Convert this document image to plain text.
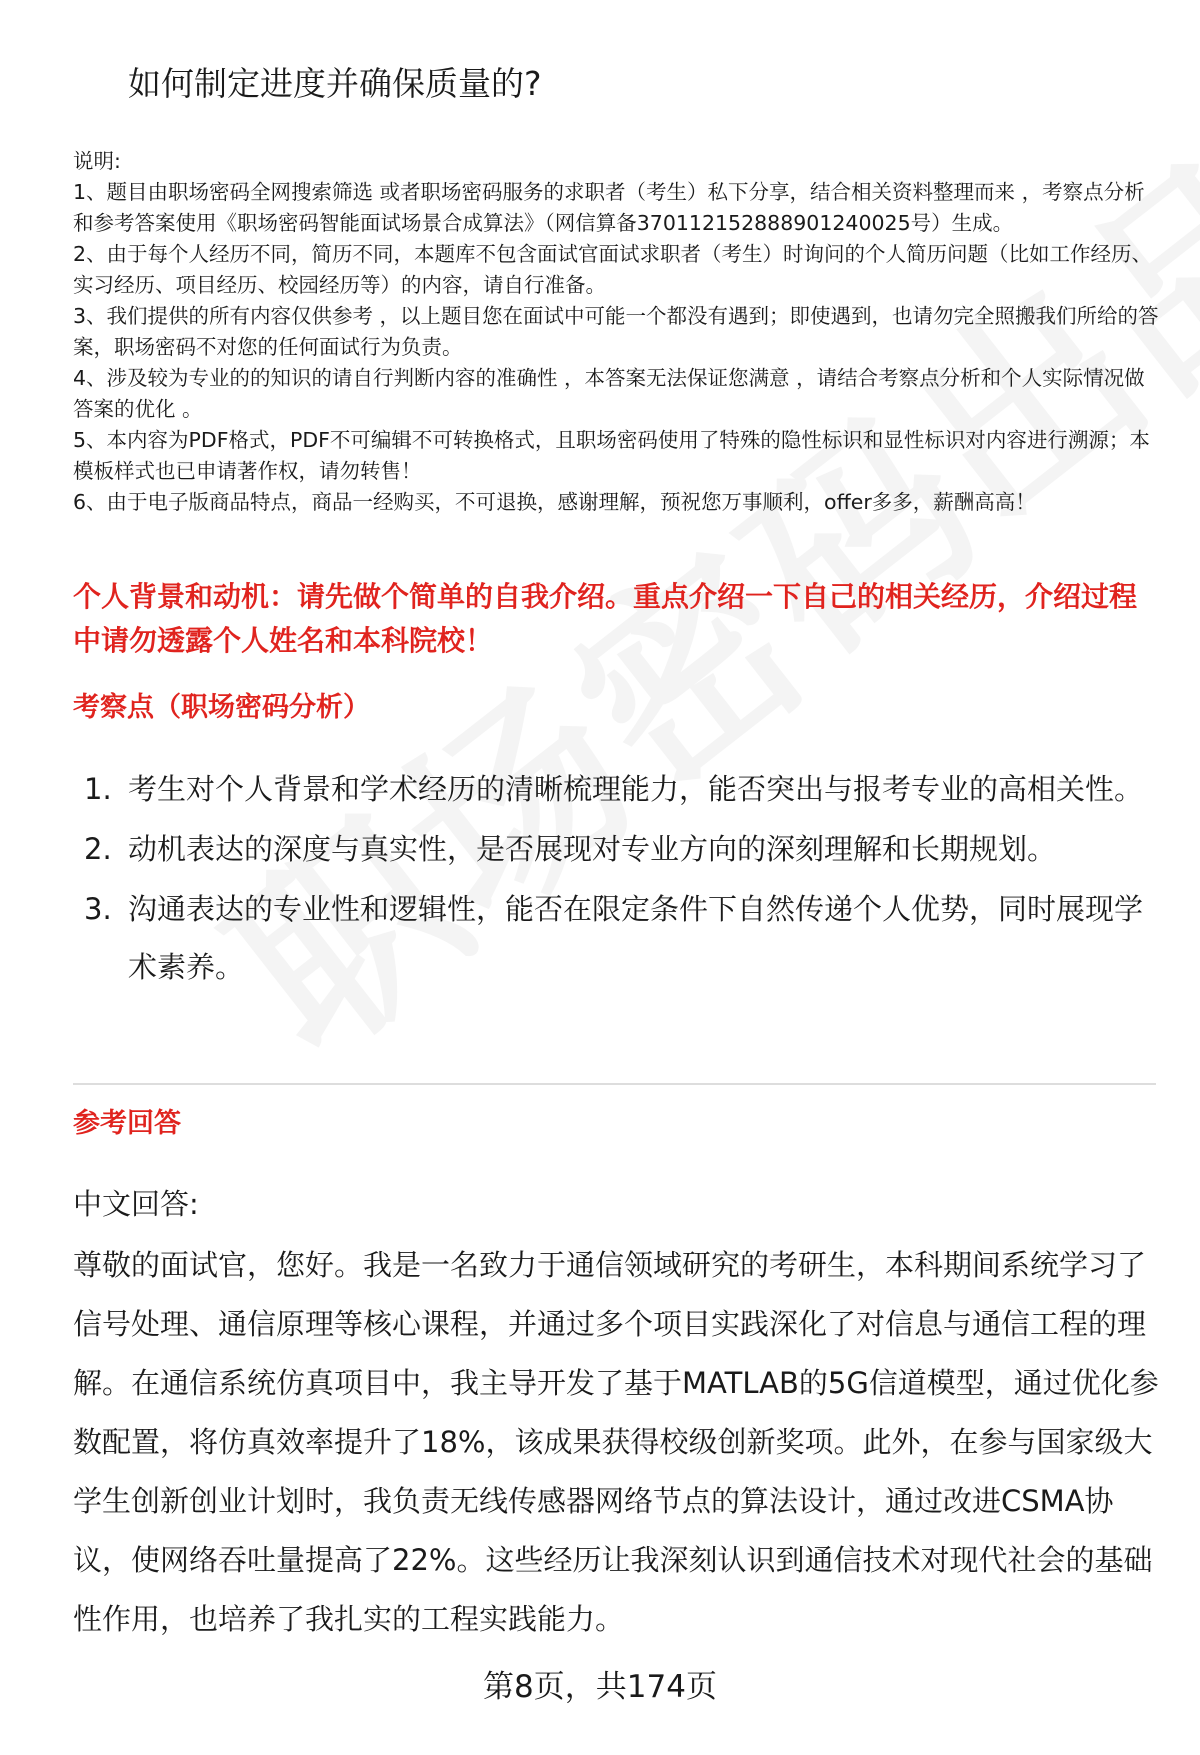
如何制定进度并确保质量的?

说明:

1、题目由职场密码全网搜索筛选 或者职场密码服务的求职者（考生）私下分享，结合相关资料整理而来 ，考察点分析和参考答案使用《职场密码智能面试场景合成算法》（网信算备370112152888901240025号）生成。

2、由于每个人经历不同，简历不同，本题库不包含面试官面试求职者（考生）时询问的个人简历问题（比如工作经历、实习经历、项目经历、校园经历等）的内容，请自行准备。

3、我们提供的所有内容仅供参考 ，以上题目您在面试中可能一个都没有遇到；即使遇到，也请勿完全照搬我们所给的答案，职场密码不对您的任何面试行为负责。

4、涉及较为专业的的知识的请自行判断内容的准确性 ，本答案无法保证您满意 ，请结合考察点分析和个人实际情况做答案的优化 。

5、本内容为PDF格式，PDF不可编辑不可转换格式，且职场密码使用了特殊的隐性标识和显性标识对内容进行溯源；本模板样式也已申请著作权，请勿转售！

6、由于电子版商品特点，商品一经购买，不可退换，感谢理解，预祝您万事顺利，offer多多，薪酬高高！

个人背景和动机：请先做个简单的自我介绍。重点介绍一下自己的相关经历，介绍过程中请勿透露个人姓名和本科院校！
考察点（职场密码分析）
1. 考生对个人背景和学术经历的清晰梳理能力，能否突出与报考专业的高相关性。
2. 动机表达的深度与真实性，是否展现对专业方向的深刻理解和长期规划。
3. 沟通表达的专业性和逻辑性，能否在限定条件下自然传递个人优势，同时展现学术素养。
参考回答
中文回答:
尊敬的面试官，您好。我是一名致力于通信领域研究的考研生，本科期间系统学习了信号处理、通信原理等核心课程，并通过多个项目实践深化了对信息与通信工程的理解。在通信系统仿真项目中，我主导开发了基于MATLAB的5G信道模型，通过优化参数配置，将仿真效率提升了18%，该成果获得校级创新奖项。此外，在参与国家级大学生创新创业计划时，我负责无线传感器网络节点的算法设计，通过改进CSMA协议，使网络吞吐量提高了22%。这些经历让我深刻认识到通信技术对现代社会的基础性作用，也培养了我扎实的工程实践能力。
第8页，共174页
